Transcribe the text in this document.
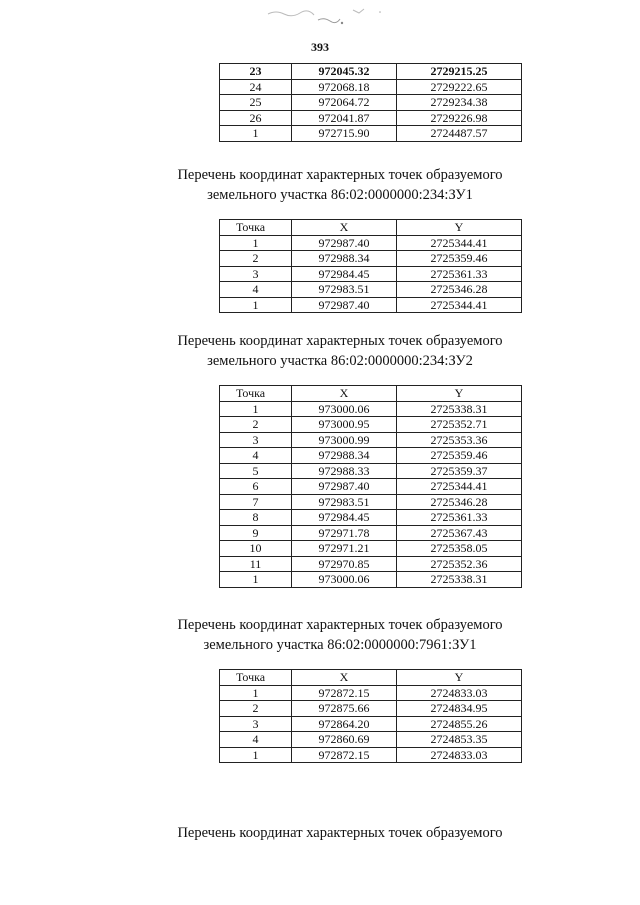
393
23	972045.32	2729215.25
24	972068.18	2729222.65
25	972064.72	2729234.38
26	972041.87	2729226.98
1	972715.90	2724487.57
Перечень координат характерных точек образуемого
земельного участка 86:02:0000000:234:ЗУ1
Точка	X	Y
1	972987.40	2725344.41
2	972988.34	2725359.46
3	972984.45	2725361.33
4	972983.51	2725346.28
1	972987.40	2725344.41
Перечень координат характерных точек образуемого
земельного участка 86:02:0000000:234:ЗУ2
Точка	X	Y
1	973000.06	2725338.31
2	973000.95	2725352.71
3	973000.99	2725353.36
4	972988.34	2725359.46
5	972988.33	2725359.37
6	972987.40	2725344.41
7	972983.51	2725346.28
8	972984.45	2725361.33
9	972971.78	2725367.43
10	972971.21	2725358.05
11	972970.85	2725352.36
1	973000.06	2725338.31
Перечень координат характерных точек образуемого
земельного участка 86:02:0000000:7961:ЗУ1
Точка	X	Y
1	972872.15	2724833.03
2	972875.66	2724834.95
3	972864.20	2724855.26
4	972860.69	2724853.35
1	972872.15	2724833.03
Перечень координат характерных точек образуемого
